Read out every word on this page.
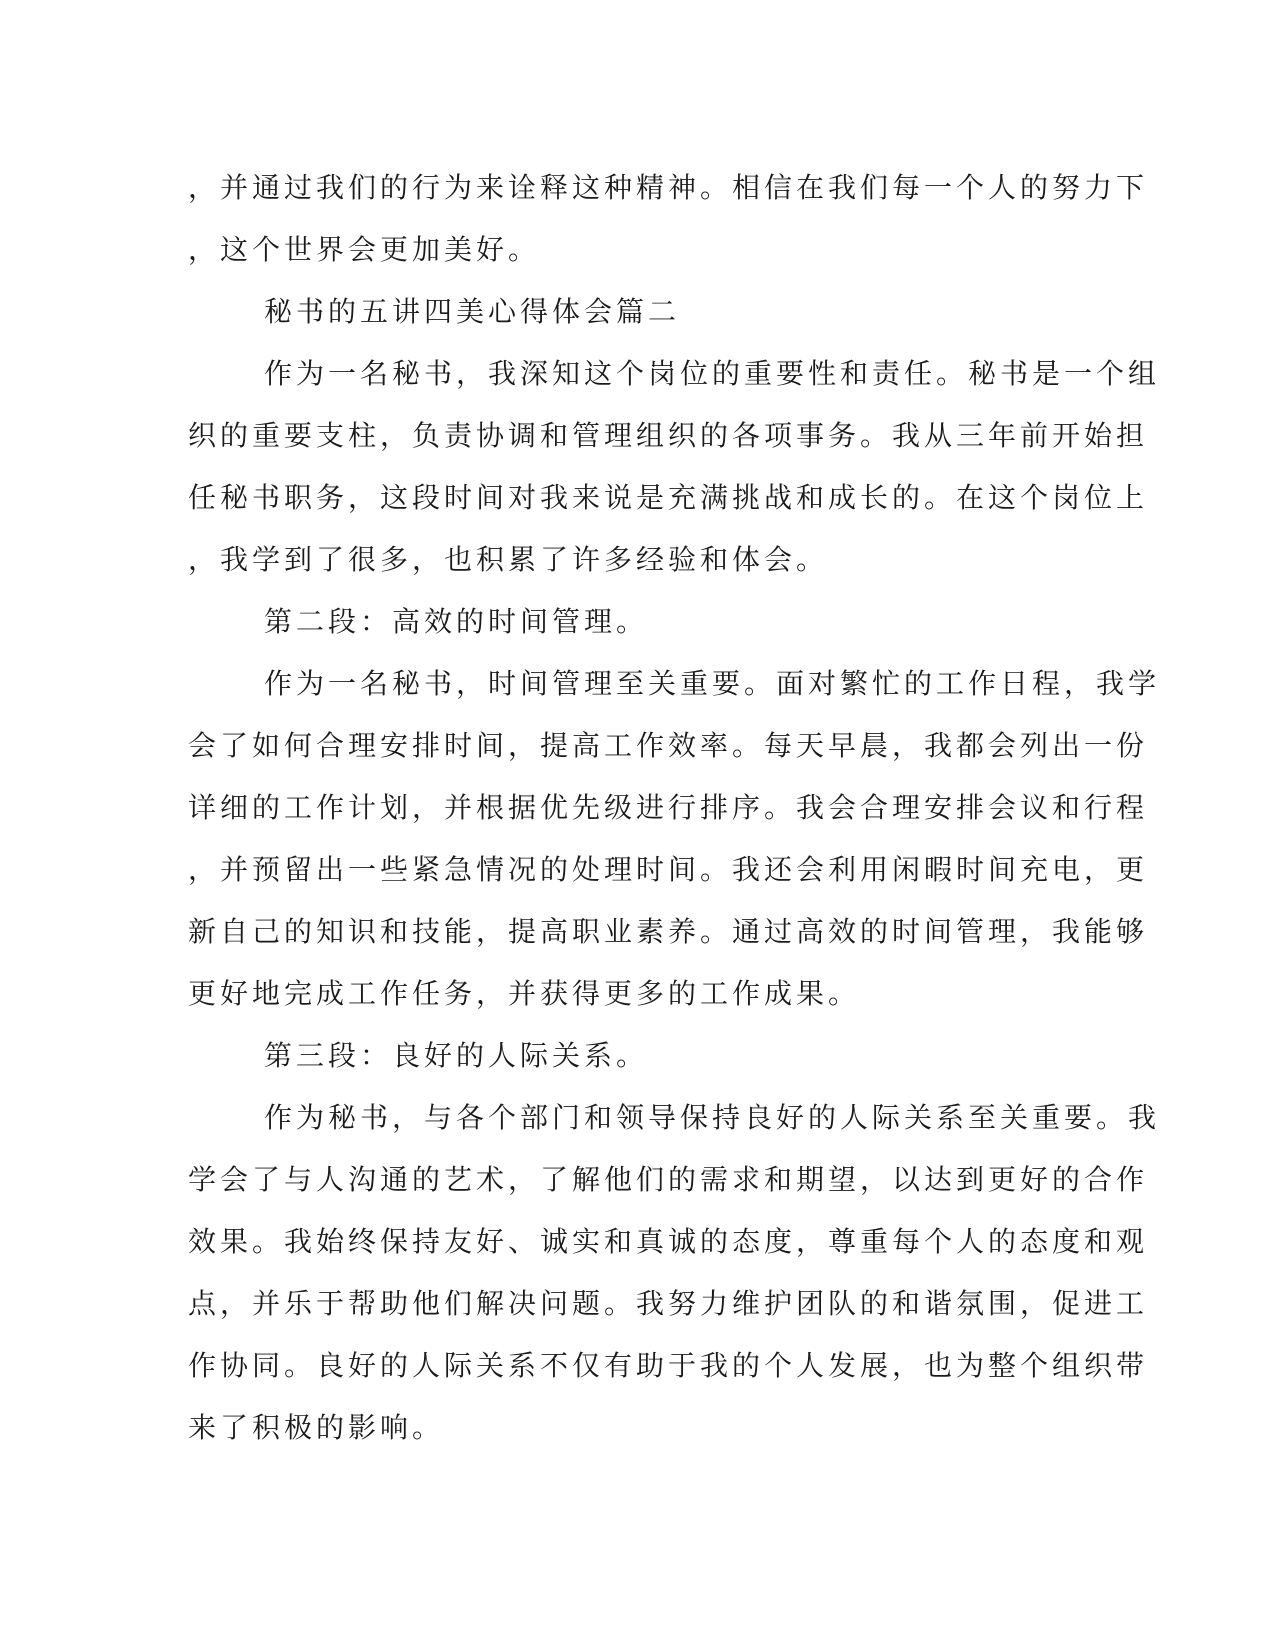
，并通过我们的行为来诠释这种精神。相信在我们每一个人的努力下
，这个世界会更加美好。
秘书的五讲四美心得体会篇二
作为一名秘书，我深知这个岗位的重要性和责任。秘书是一个组
织的重要支柱，负责协调和管理组织的各项事务。我从三年前开始担
任秘书职务，这段时间对我来说是充满挑战和成长的。在这个岗位上
，我学到了很多，也积累了许多经验和体会。
第二段：高效的时间管理。
作为一名秘书，时间管理至关重要。面对繁忙的工作日程，我学
会了如何合理安排时间，提高工作效率。每天早晨，我都会列出一份
详细的工作计划，并根据优先级进行排序。我会合理安排会议和行程
，并预留出一些紧急情况的处理时间。我还会利用闲暇时间充电，更
新自己的知识和技能，提高职业素养。通过高效的时间管理，我能够
更好地完成工作任务，并获得更多的工作成果。
第三段：良好的人际关系。
作为秘书，与各个部门和领导保持良好的人际关系至关重要。我
学会了与人沟通的艺术，了解他们的需求和期望，以达到更好的合作
效果。我始终保持友好、诚实和真诚的态度，尊重每个人的态度和观
点，并乐于帮助他们解决问题。我努力维护团队的和谐氛围，促进工
作协同。良好的人际关系不仅有助于我的个人发展，也为整个组织带
来了积极的影响。
